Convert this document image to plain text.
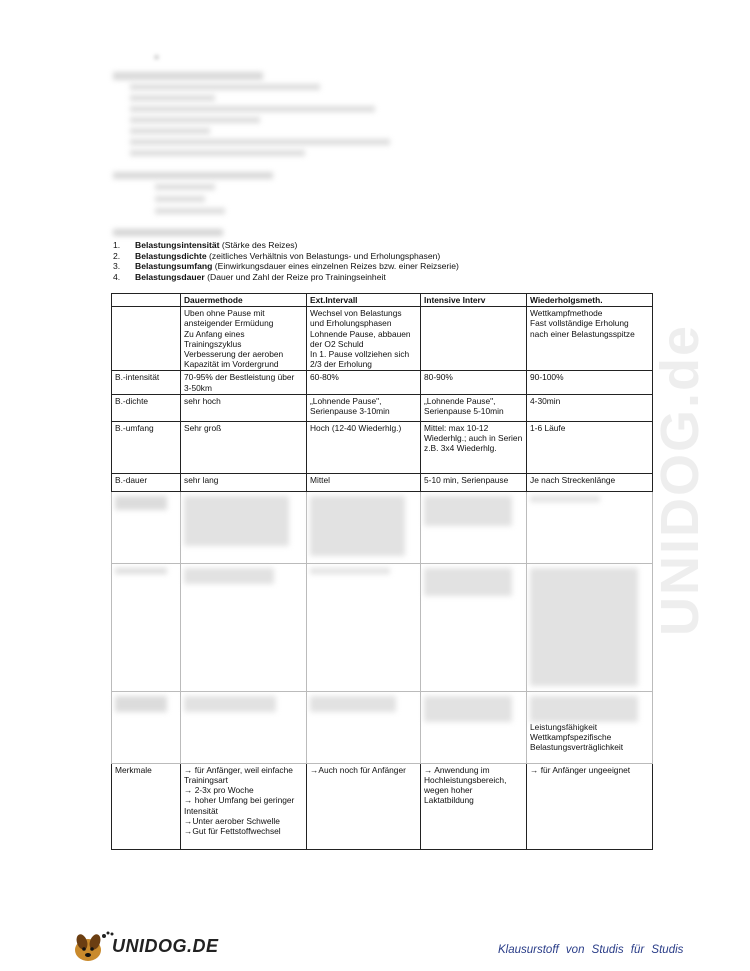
•
1.	Belastungsintensität
(Stärke des Reizes)
2.	Belastungsdichte
(zeitliches Verhältnis von Belastungs- und Erholungsphasen)
3.	Belastungsumfang
(Einwirkungsdauer eines einzelnen Reizes bzw. einer Reizserie)
4.	Belastungsdauer
(Dauer und Zahl der Reize pro Trainingseinheit
	Dauermethode	Ext.Intervall	Intensive Interv	Wiederholgsmeth.
	Uben ohne Pause mit ansteigender Ermüdung
Zu Anfang eines Trainingszyklus
Verbesserung der aeroben Kapazität im Vordergrund	Wechsel von Belastungs und Erholungsphasen
Lohnende Pause, abbauen der O2 Schuld
In 1. Pause vollziehen sich 2/3 der Erholung		Wettkampfmethode
Fast vollständige Erholung nach einer Belastungsspitze
B.-intensität	70-95% der Bestleistung über 3-50km	60-80%	80-90%	90-100%
B.-dichte	sehr hoch	„Lohnende Pause", Serienpause 3-10min	„Lohnende Pause", Serienpause 5-10min	4-30min
B.-umfang	Sehr groß	Hoch (12-40 Wiederhlg.)	Mittel: max 10-12 Wiederhlg.; auch in Serien z.B. 3x4 Wiederhlg.	1-6 Läufe
B.-dauer	sehr lang	Mittel	5-10 min, Serienpause	Je nach Streckenlänge

				Leistungsfähigkeit
Wettkampfspezifische Belastungsverträglichkeit

Merkmale	→ für Anfänger, weil einfache Trainingsart
→ 2-3x pro Woche
→ hoher Umfang bei geringer Intensität
→Unter aerober Schwelle
→Gut für Fettstoffwechsel	→Auch noch für Anfänger	→ Anwendung im Hochleistungsbereich, wegen hoher Laktatbildung	→ für Anfänger ungeeignet
UNIDOG.de
UNIDOG.DE	Klausurstoff von Studis für Studis
